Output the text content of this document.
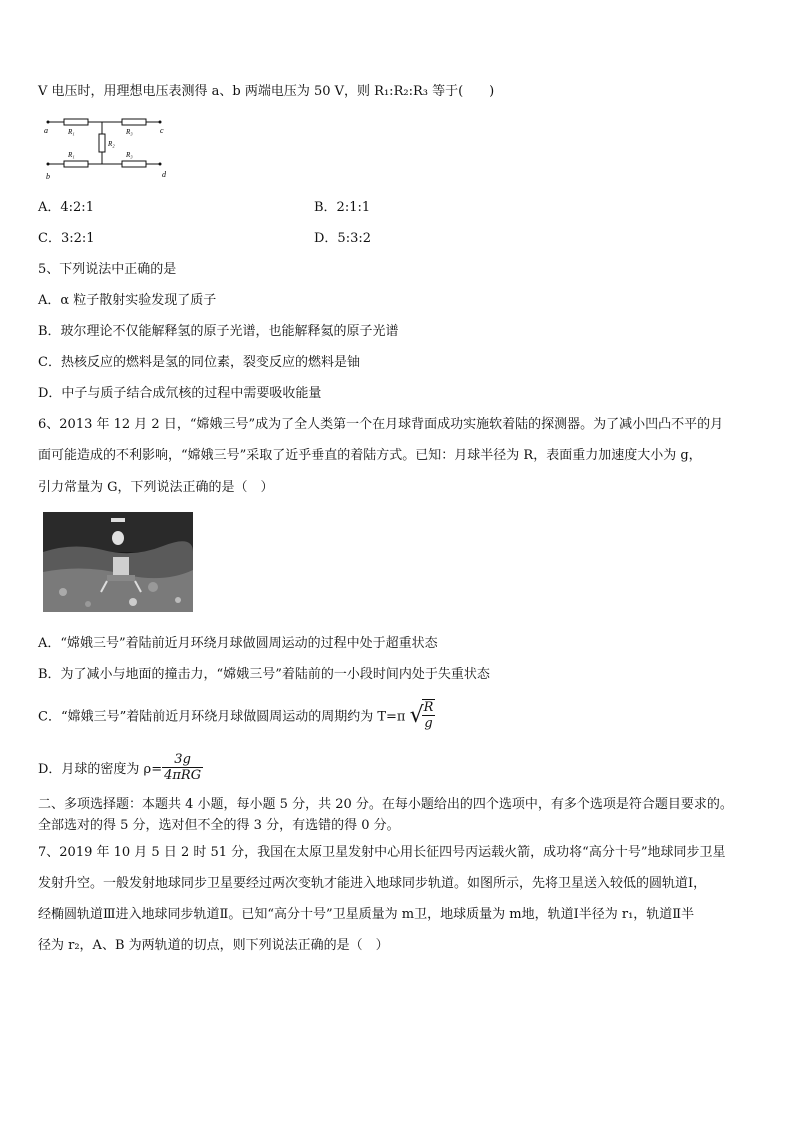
V 电压时，用理想电压表测得 a、b 两端电压为 50 V，则 R₁:R₂:R₃ 等于(　　)
a
b
c
d
R₁
R₁
R₂
R₃
R₃
A．4:2:1	B．2:1:1
C．3:2:1	D．5:3:2
5、下列说法中正确的是
A．α 粒子散射实验发现了质子
B．玻尔理论不仅能解释氢的原子光谱，也能解释氦的原子光谱
C．热核反应的燃料是氢的同位素，裂变反应的燃料是铀
D．中子与质子结合成氘核的过程中需要吸收能量
6、2013 年 12 月 2 日，“嫦娥三号”成为了全人类第一个在月球背面成功实施软着陆的探测器。为了减小凹凸不平的月
面可能造成的不利影响，“嫦娥三号”采取了近乎垂直的着陆方式。已知：月球半径为 R，表面重力加速度大小为 g，
引力常量为 G，下列说法正确的是（　）
A．“嫦娥三号”着陆前近月环绕月球做圆周运动的过程中处于超重状态
B．为了减小与地面的撞击力，“嫦娥三号”着陆前的一小段时间内处于失重状态
C．“嫦娥三号”着陆前近月环绕月球做圆周运动的周期约为 T=π √
$\frac{R}{g}$
D．月球的密度为 $\rho= \frac{3g}{\text{4πRG}}$
二、多项选择题：本题共 4 小题，每小题 5 分，共 20 分。在每小题给出的四个选项中，有多个选项是符合题目要求的。
全部选对的得 5 分，选对但不全的得 3 分，有选错的得 0 分。
7、2019 年 10 月 5 日 2 时 51 分，我国在太原卫星发射中心用长征四号丙运载火箭，成功将“高分十号”地球同步卫星
发射升空。一般发射地球同步卫星要经过两次变轨才能进入地球同步轨道。如图所示，先将卫星送入较低的圆轨道Ⅰ，
经椭圆轨道Ⅲ进入地球同步轨道Ⅱ。已知“高分十号”卫星质量为 m卫，地球质量为 m地，轨道Ⅰ半径为 r₁，轨道Ⅱ半
径为 r₂，A、B 为两轨道的切点，则下列说法正确的是（　）
